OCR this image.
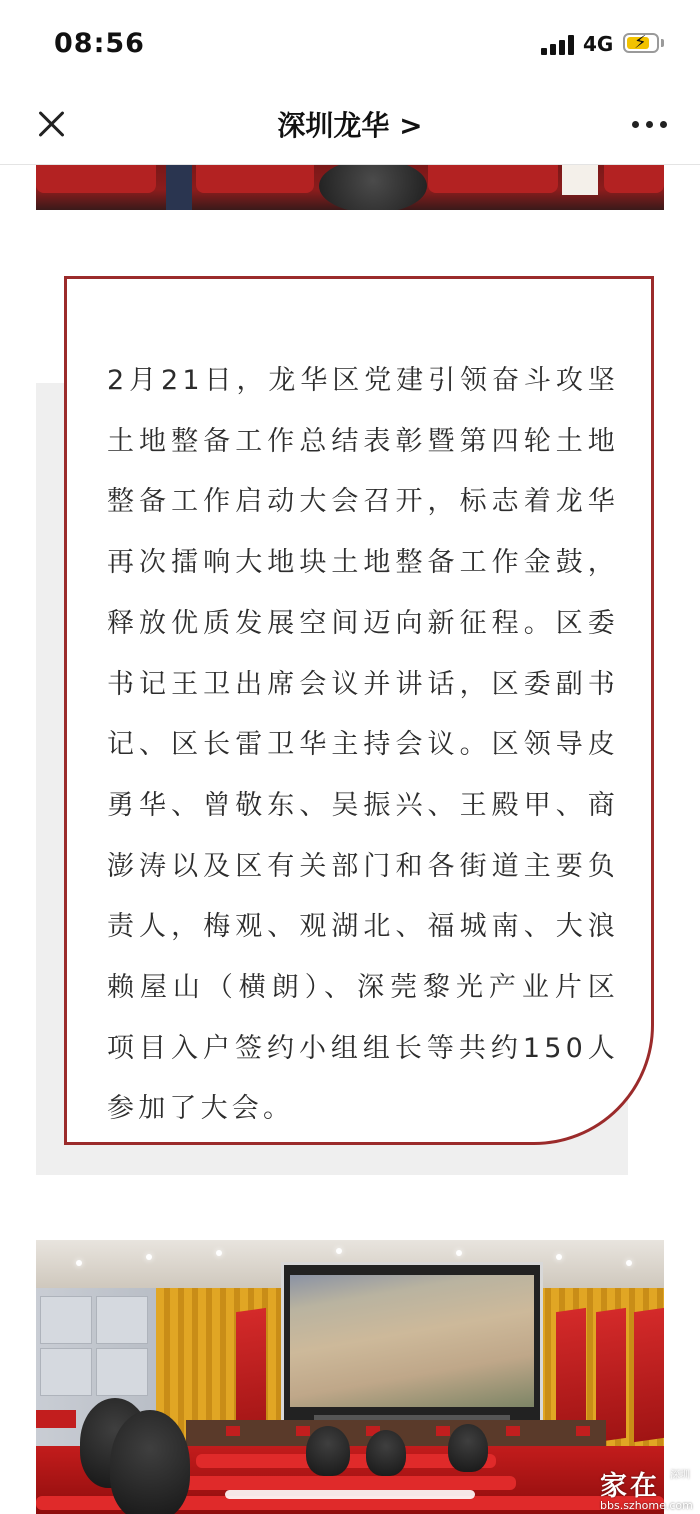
08:56	4G ⚡
深圳龙华 >
2月21日，龙华区党建引领奋斗攻坚土地整备工作总结表彰暨第四轮土地整备工作启动大会召开，标志着龙华再次擂响大地块土地整备工作金鼓，释放优质发展空间迈向新征程。区委书记王卫出席会议并讲话，区委副书记、区长雷卫华主持会议。区领导皮勇华、曾敬东、吴振兴、王殿甲、商澎涛以及区有关部门和各街道主要负责人，梅观、观湖北、福城南、大浪赖屋山（横朗）、深莞黎光产业片区项目入户签约小组组长等共约150人参加了大会。
家在 深圳
bbs.szhome.com
